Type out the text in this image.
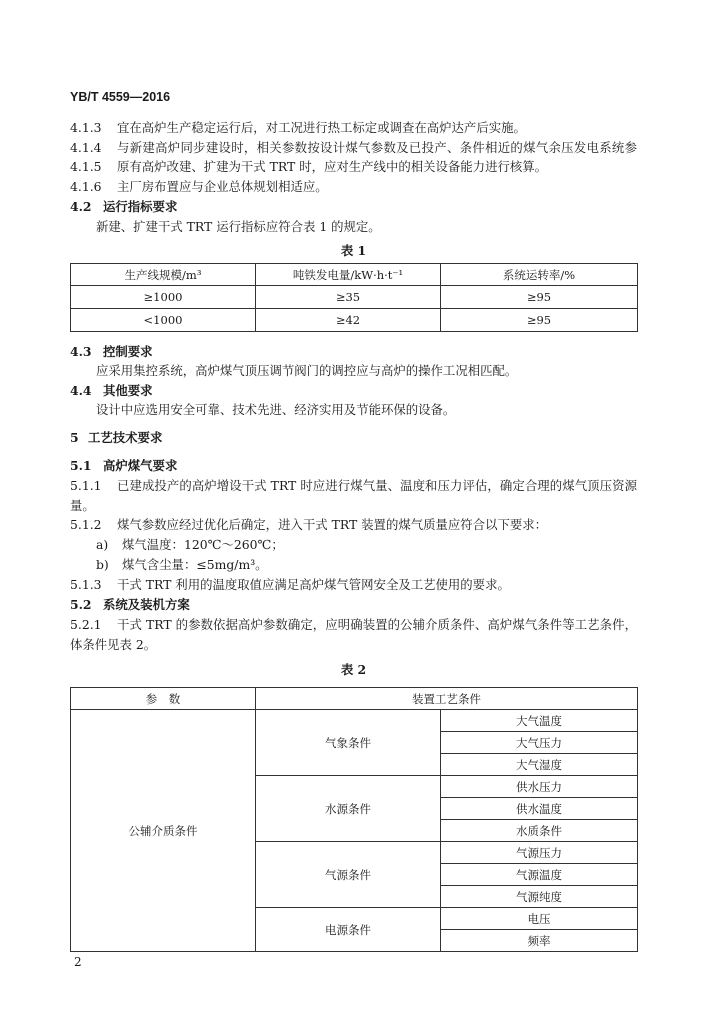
YB/T 4559—2016
4.1.3 宜在高炉生产稳定运行后，对工况进行热工标定或调查在高炉达产后实施。
4.1.4 与新建高炉同步建设时，相关参数按设计煤气参数及已投产、条件相近的煤气余压发电系统参
4.1.5 原有高炉改建、扩建为干式 TRT 时，应对生产线中的相关设备能力进行核算。
4.1.6 主厂房布置应与企业总体规划相适应。
4.2 运行指标要求
新建、扩建干式 TRT 运行指标应符合表 1 的规定。
表 1
生产线规模/m³	吨铁发电量/kW·h·t⁻¹	系统运转率/%
≥1000	≥35	≥95
<1000	≥42	≥95
4.3 控制要求
应采用集控系统，高炉煤气顶压调节阀门的调控应与高炉的操作工况相匹配。
4.4 其他要求
设计中应选用安全可靠、技术先进、经济实用及节能环保的设备。
5 工艺技术要求
5.1 高炉煤气要求
5.1.1 已建成投产的高炉增设干式 TRT 时应进行煤气量、温度和压力评估，确定合理的煤气顶压资源
量。
5.1.2 煤气参数应经过优化后确定，进入干式 TRT 装置的煤气质量应符合以下要求：
a) 煤气温度：120℃～260℃；
b) 煤气含尘量：≤5mg/m³。
5.1.3 干式 TRT 利用的温度取值应满足高炉煤气管网安全及工艺使用的要求。
5.2 系统及装机方案
5.2.1 干式 TRT 的参数依据高炉参数确定，应明确装置的公辅介质条件、高炉煤气条件等工艺条件，
体条件见表 2。
表 2
参　数	装置工艺条件	
公辅介质条件	气象条件	大气温度
		大气压力
		大气湿度
	水源条件	供水压力
		供水温度
		水质条件
	气源条件	气源压力
		气源温度
		气源纯度
	电源条件	电压
		频率
2
